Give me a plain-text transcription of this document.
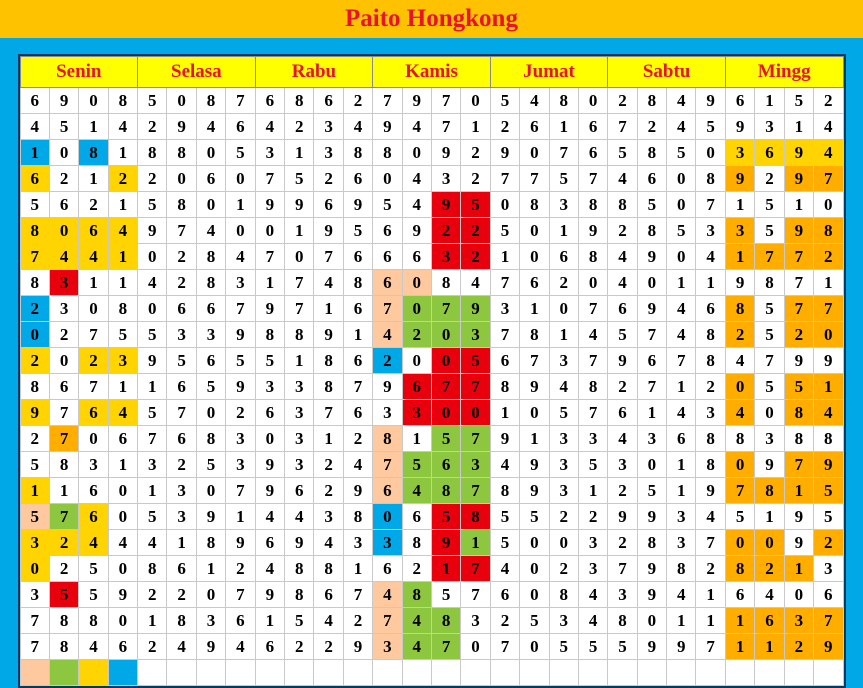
Paito Hongkong
Senin				Selasa				Rabu				Kamis				Jumat				Sabtu				Mingg			
6	9	0	8	5	0	8	7	6	8	6	2	7	9	7	0	5	4	8	0	2	8	4	9	6	1	5	2
4	5	1	4	2	9	4	6	4	2	3	4	9	4	7	1	2	6	1	6	7	2	4	5	9	3	1	4
1	0	8	1	8	8	0	5	3	1	3	8	8	0	9	2	9	0	7	6	5	8	5	0	3	6	9	4
6	2	1	2	2	0	6	0	7	5	2	6	0	4	3	2	7	7	5	7	4	6	0	8	9	2	9	7
5	6	2	1	5	8	0	1	9	9	6	9	5	4	9	5	0	8	3	8	8	5	0	7	1	5	1	0
8	0	6	4	9	7	4	0	0	1	9	5	6	9	2	2	5	0	1	9	2	8	5	3	3	5	9	8
7	4	4	1	0	2	8	4	7	0	7	6	6	6	3	2	1	0	6	8	4	9	0	4	1	7	7	2
8	3	1	1	4	2	8	3	1	7	4	8	6	0	8	4	7	6	2	0	4	0	1	1	9	8	7	1
2	3	0	8	0	6	6	7	9	7	1	6	7	0	7	9	3	1	0	7	6	9	4	6	8	5	7	7
0	2	7	5	5	3	3	9	8	8	9	1	4	2	0	3	7	8	1	4	5	7	4	8	2	5	2	0
2	0	2	3	9	5	6	5	5	1	8	6	2	0	0	5	6	7	3	7	9	6	7	8	4	7	9	9
8	6	7	1	1	6	5	9	3	3	8	7	9	6	7	7	8	9	4	8	2	7	1	2	0	5	5	1
9	7	6	4	5	7	0	2	6	3	7	6	3	3	0	0	1	0	5	7	6	1	4	3	4	0	8	4
2	7	0	6	7	6	8	3	0	3	1	2	8	1	5	7	9	1	3	3	4	3	6	8	8	3	8	8
5	8	3	1	3	2	5	3	9	3	2	4	7	5	6	3	4	9	3	5	3	0	1	8	0	9	7	9
1	1	6	0	1	3	0	7	9	6	2	9	6	4	8	7	8	9	3	1	2	5	1	9	7	8	1	5
5	7	6	0	5	3	9	1	4	4	3	8	0	6	5	8	5	5	2	2	9	9	3	4	5	1	9	5
3	2	4	4	4	1	8	9	6	9	4	3	3	8	9	1	5	0	0	3	2	8	3	7	0	0	9	2
0	2	5	0	8	6	1	2	4	8	8	1	6	2	1	7	4	0	2	3	7	9	8	2	8	2	1	3
3	5	5	9	2	2	0	7	9	8	6	7	4	8	5	7	6	0	8	4	3	9	4	1	6	4	0	6
7	8	8	0	1	8	3	6	1	5	4	2	7	4	8	3	2	5	3	4	8	0	1	1	1	6	3	7
7	8	4	6	2	4	9	4	6	2	2	9	3	4	7	0	7	0	5	5	5	9	9	7	1	1	2	9
